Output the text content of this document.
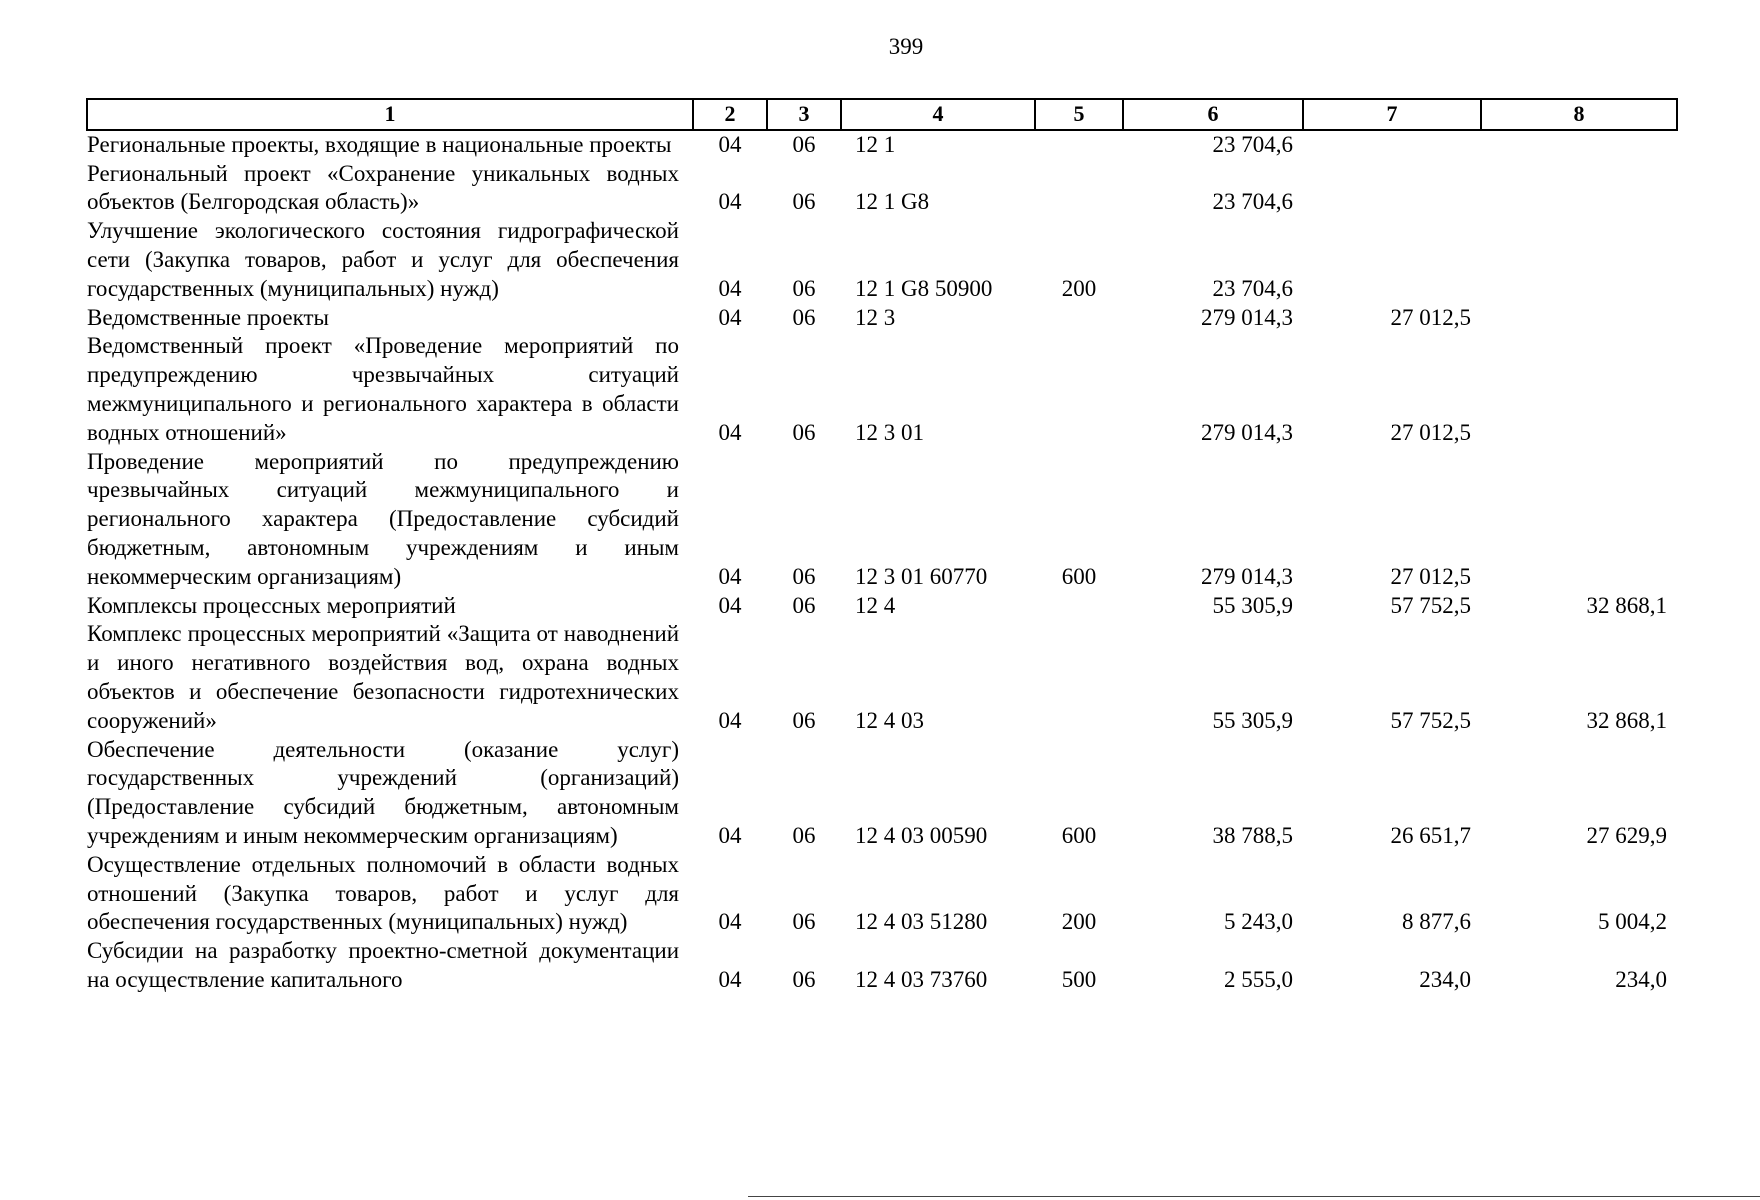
399
1	2	3	4	5	6	7	8

Региональные проекты, входящие в национальные проекты	04	06	12 1		23 704,6		

Региональный проект «Сохранение уникальных водных
объектов (Белгородская область)»	04	06	12 1 G8		23 704,6		

Улучшение экологического состояния гидрографической
сети (Закупка товаров, работ и услуг для обеспечения
государственных (муниципальных) нужд)	04	06	12 1 G8 50900	200	23 704,6		

Ведомственные проекты	04	06	12 3		279 014,3	27 012,5	

Ведомственный проект «Проведение мероприятий по
предупреждению чрезвычайных ситуаций
межмуниципального и регионального характера в области
водных отношений»	04	06	12 3 01		279 014,3	27 012,5	

Проведение мероприятий по предупреждению
чрезвычайных ситуаций межмуниципального и
регионального характера (Предоставление субсидий
бюджетным, автономным учреждениям и иным
некоммерческим организациям)	04	06	12 3 01 60770	600	279 014,3	27 012,5	

Комплексы процессных мероприятий	04	06	12 4		55 305,9	57 752,5	32 868,1

Комплекс процессных мероприятий «Защита от наводнений
и иного негативного воздействия вод, охрана водных
объектов и обеспечение безопасности гидротехнических
сооружений»	04	06	12 4 03		55 305,9	57 752,5	32 868,1

Обеспечение деятельности (оказание услуг)
государственных учреждений (организаций)
(Предоставление субсидий бюджетным, автономным
учреждениям и иным некоммерческим организациям)	04	06	12 4 03 00590	600	38 788,5	26 651,7	27 629,9

Осуществление отдельных полномочий в области водных
отношений (Закупка товаров, работ и услуг для
обеспечения государственных (муниципальных) нужд)	04	06	12 4 03 51280	200	5 243,0	8 877,6	5 004,2

Субсидии на разработку проектно-сметной документации
на осуществление капитального	04	06	12 4 03 73760	500	2 555,0	234,0	234,0
